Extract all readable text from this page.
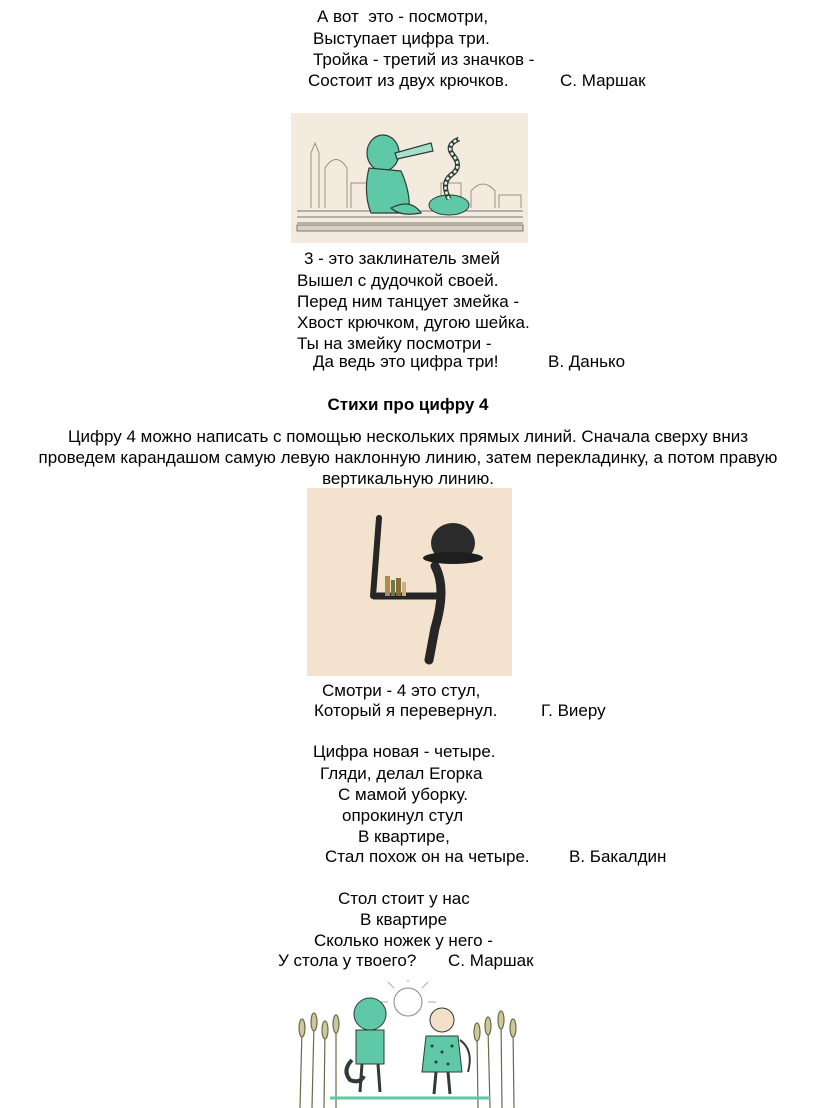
А вот  это - посмотри,
Выступает цифра три.
Тройка - третий из значков -
Состоит из двух крючков.	С. Маршак
3 - это заклинатель змей
Вышел с дудочкой своей.
Перед ним танцует змейка -
Хвост крючком, дугою шейка.
Ты на змейку посмотри -
Да ведь это цифра три!	В. Данько
Стихи про цифру 4
Цифру 4 можно написать с помощью нескольких прямых линий. Сначала сверху вниз
проведем карандашом самую левую наклонную линию, затем перекладинку, а потом правую
вертикальную линию.
Смотри - 4 это стул,
Который я перевернул.	Г. Виеру
Цифра новая - четыре.
Гляди, делал Егорка
С мамой уборку.
опрокинул стул
В квартире,
Стал похож он на четыре. В. Бакалдин
Стол стоит у нас
В квартире
Сколько ножек у него -
У стола у твоего? С. Маршак
